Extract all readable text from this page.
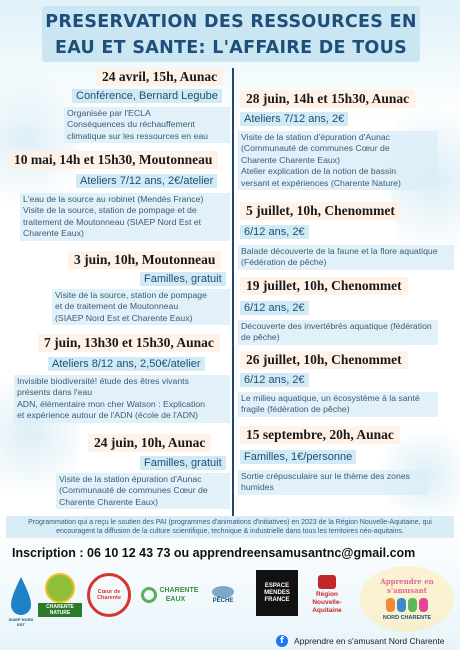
PRESERVATION DES RESSOURCES EN
EAU ET SANTE: L'AFFAIRE DE TOUS
24 avril, 15h, Aunac
Conférence, Bernard Legube
Organisée par l'ECLA
Conséquences du réchauffement
climatique sur les ressources en eau
10 mai, 14h et 15h30, Moutonneau
Ateliers 7/12 ans, 2€/atelier
L'eau de la source au robinet (Mendès France)
Visite de la source, station de pompage et de
traitement de Moutonneau (SIAEP Nord Est et
Charente Eaux)
3 juin, 10h, Moutonneau
Familles, gratuit
Visite de la source, station de pompage
et de traitement de Moutonneau
(SIAEP Nord Est et Charente Eaux)
7 juin, 13h30 et 15h30, Aunac
Ateliers 8/12 ans, 2,50€/atelier
Invisible biodiversité! étude des êtres vivants
présents dans l'eau
ADN, élémentaire mon cher Watson : Explication
et expérience autour de l'ADN (école de l'ADN)
24 juin, 10h, Aunac
Familles, gratuit
Visite de la station épuration d'Aunac
(Communauté de communes Cœur de
Charente Charente Eaux)
28 juin, 14h et 15h30, Aunac
Ateliers 7/12 ans, 2€
Visite de la station d'épuration d'Aunac
(Communauté de communes Cœur de
Charente Charente Eaux)
Atelier explication de la notion de bassin
versant et expériences (Charente Nature)
5 juillet, 10h, Chenommet
6/12 ans, 2€
Balade découverte de la faune et la flore aquatique
(Fédération de pêche)
19 juillet, 10h, Chenommet
6/12 ans, 2€
Découverte des invertébrés aquatique (fédération
de pêche)
26 juillet, 10h, Chenommet
6/12 ans, 2€
Le milieu aquatique, un écosystème à la santé
fragile (fédération de pêche)
15 septembre, 20h, Aunac
Familles, 1€/personne
Sortie crépusculaire sur le thème des zones
humides
Programmation qui a reçu le soutien des PAI (programmes d'animations d'initiatives) en 2023 de la Région Nouvelle-Aquitaine, qui
encouragent la diffusion de la culture scientifique, technique & industrielle dans tous les territoires néo-aquitains.
Inscription : 06 10 12 43 73 ou apprendreensamusantnc@gmail.com
SIAEP NORD EST
CHARENTE NATURE
Cœur de Charente
CHARENTE EAUX	PÊCHE
ESPACE
MENDES
FRANCE
Région
Nouvelle-
Aquitaine
Apprendre en s'amusant
NORD CHARENTE
f	Apprendre en s'amusant Nord Charente
